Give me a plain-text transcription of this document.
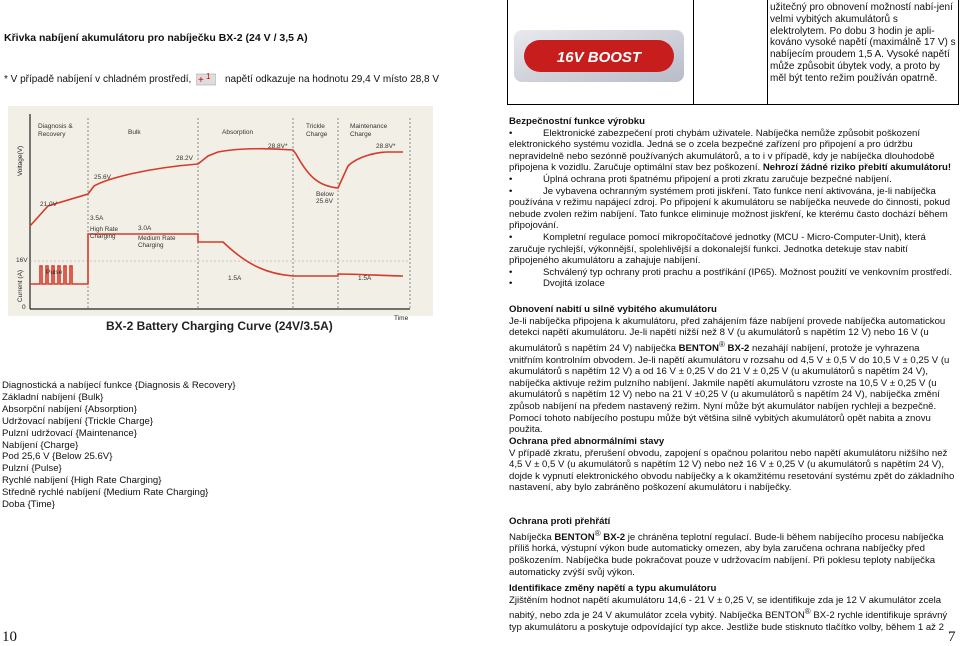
Křivka nabíjení akumulátoru pro nabíječku BX-2 (24 V / 3,5 A)
* V případě nabíjení v chladném prostředí, + 1 napětí odkazuje na hodnotu 29,4 V místo 28,8 V
16V BOOST
užitečný pro obnovení možností nabí-jení velmi vybitých akumulátorů s elektrolytem. Po dobu 3 hodin je apli-kováno vysoké napětí (maximálně 17 V) s nabíjecím proudem 1,5 A. Vysoké napětí může způsobit úbytek vody, a proto by měl být tento režim používán opatrně.
Diagnosis &
Recovery	Bulk	Absorption
Trickle
Charge
Maintenance
Charge
Voltage(V)
Current (A)
Time
0
21.0V
25.6V
28.2V
28.8V*
Below
25.6V
28.8V*
16V
Pulse
3.5A
High Rate
Charging
3.0A
Medium Rate
Charging
1.5A	1.5A
BX-2 Battery Charging Curve (24V/3.5A)
Diagnostická a nabíjecí funkce {Diagnosis & Recovery}
Základní nabíjení {Bulk}
Absorpční nabíjení {Absorption}
Udržovací nabíjení {Trickle Charge}
Pulzní udržovací {Maintenance}
Nabíjení {Charge}
Pod 25,6 V {Below 25.6V}
Pulzní {Pulse}
Rychlé nabíjení {High Rate Charging}
Středně rychlé nabíjení {Medium Rate Charging}
Doba {Time}
10	7

Bezpečnostní funkce výrobku

•	Elektronické zabezpečení proti chybám uživatele. Nabíječka nemůže způsobit poškození elektronického systému vozidla. Jedná se o zcela bezpečné zařízení pro připojení a pro údržbu nepravidelně nebo sezónně používaných akumulátorů, a to i v případě, kdy je nabíječka dlouhodobě připojena k vozidlu. Zaručuje optimální stav bez poškození. Nehrozí žádné riziko přebití akumulátoru!

•	Úplná ochrana proti špatnému připojení a proti zkratu zaručuje bezpečné nabíjení.

•	Je vybavena ochranným systémem proti jiskření. Tato funkce není aktivována, je-li nabíječka používána v režimu napájecí zdroj. Po připojení k akumulátoru se nabíječka neuvede do činnosti, pokud nebude zvolen režim nabíjení. Tato funkce eliminuje možnost jiskření, ke kterému často dochází během připojování.

•	Kompletní regulace pomocí mikropočítačové jednotky (MCU - Micro-Computer-Unit), která zaručuje rychlejší, výkonnější, spolehlivější a dokonalejší funkci. Jednotka detekuje stav nabití připojeného akumulátoru a zahajuje nabíjení.

•	Schválený typ ochrany proti prachu a postříkání (IP65). Možnost použití ve venkovním prostředí.

•	Dvojitá izolace

Obnovení nabití u silně vybitého akumulátoru

Je-li nabíječka připojena k akumulátoru, před zahájením fáze nabíjení provede nabíječka automatickou detekci napětí akumulátoru. Je-li napětí nižší než 8 V (u akumulátorů s napětím 12 V) nebo 16 V (u akumulátorů s napětím 24 V) nabíječka BENTON® BX-2 nezahájí nabíjení, protože je vyhrazena vnitřním kontrolním obvodem. Je-li napětí akumulátoru v rozsahu od 4,5 V ± 0,5 V do 10,5 V ± 0,25 V (u akumulátorů s napětím 12 V) a od 16 V ± 0,25 V do 21 V ± 0,25 V (u akumulátorů s napětím 24 V), nabíječka aktivuje režim pulzního nabíjení. Jakmile napětí akumulátoru vzroste na 10,5 V ± 0,25 V (u akumulátorů s napětím 12 V) nebo na 21 V ±0,25 V (u akumulátorů s napětím 24 V), nabíječka změní způsob nabíjení na předem nastavený režim. Nyní může být akumulátor nabíjen rychleji a bezpečně. Pomocí tohoto nabíjecího postupu může být většina silně vybitých akumulátorů opět nabita a znovu použita.

Ochrana před abnormálními stavy

V případě zkratu, přerušení obvodu, zapojení s opačnou polaritou nebo napětí akumulátoru nižšího než 4,5 V ± 0,5 V (u akumulátorů s napětím 12 V) nebo než 16 V ± 0,25 V (u akumulátorů s napětím 24 V), dojde k vypnutí elektronického obvodu nabíječky a k okamžitému resetování systému zpět do základního nastavení, aby bylo zabráněno poškození akumulátoru i nabíječky.

Ochrana proti přehřátí

Nabíječka BENTON® BX-2 je chráněna teplotní regulací. Bude-li během nabíjecího procesu nabíječka příliš horká, výstupní výkon bude automaticky omezen, aby byla zaručena ochrana nabíječky před poškozením. Nabíječka bude pokračovat pouze v udržovacím nabíjení. Při poklesu teploty nabíječka automaticky zvýší svůj výkon.

Identifikace změny napětí a typu akumulátoru

Zjištěním hodnot napětí akumulátoru 14,6 - 21 V ± 0,25 V, se identifikuje zda je 12 V akumulátor zcela nabitý, nebo zda je 24 V akumulátor zcela vybitý. Nabíječka BENTON® BX-2 rychle identifikuje správný typ akumulátoru a poskytuje odpovídající typ akce. Jestliže bude stisknuto tlačítko volby, během 1 až 2
